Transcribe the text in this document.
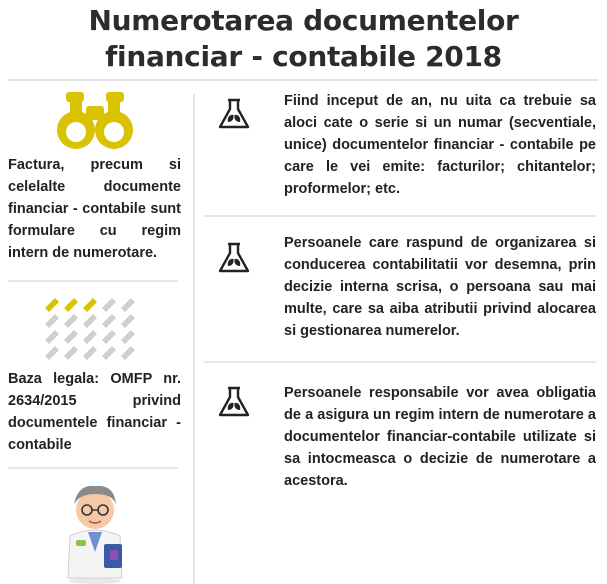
Numerotarea documentelor
financiar - contabile 2018
Factura, precum si celelalte documente financiar - contabile sunt formulare cu regim intern de numerotare.
Baza legala: OMFP nr. 2634/2015 privind documentele financiar - contabile
Fiind inceput de an, nu uita ca trebuie sa aloci cate o serie si un numar (secventiale, unice) documentelor financiar - contabile pe care le vei emite: facturilor; chitantelor; proformelor; etc.
Persoanele care raspund de organizarea si conducerea contabilitatii vor desemna, prin decizie interna scrisa, o persoana sau mai multe, care sa aiba atributii privind alocarea si gestionarea numerelor.
Persoanele responsabile vor avea obligatia de a asigura un regim intern de numerotare a documentelor financiar-contabile utilizate si sa intocmeasca o decizie de numerotare a acestora.
